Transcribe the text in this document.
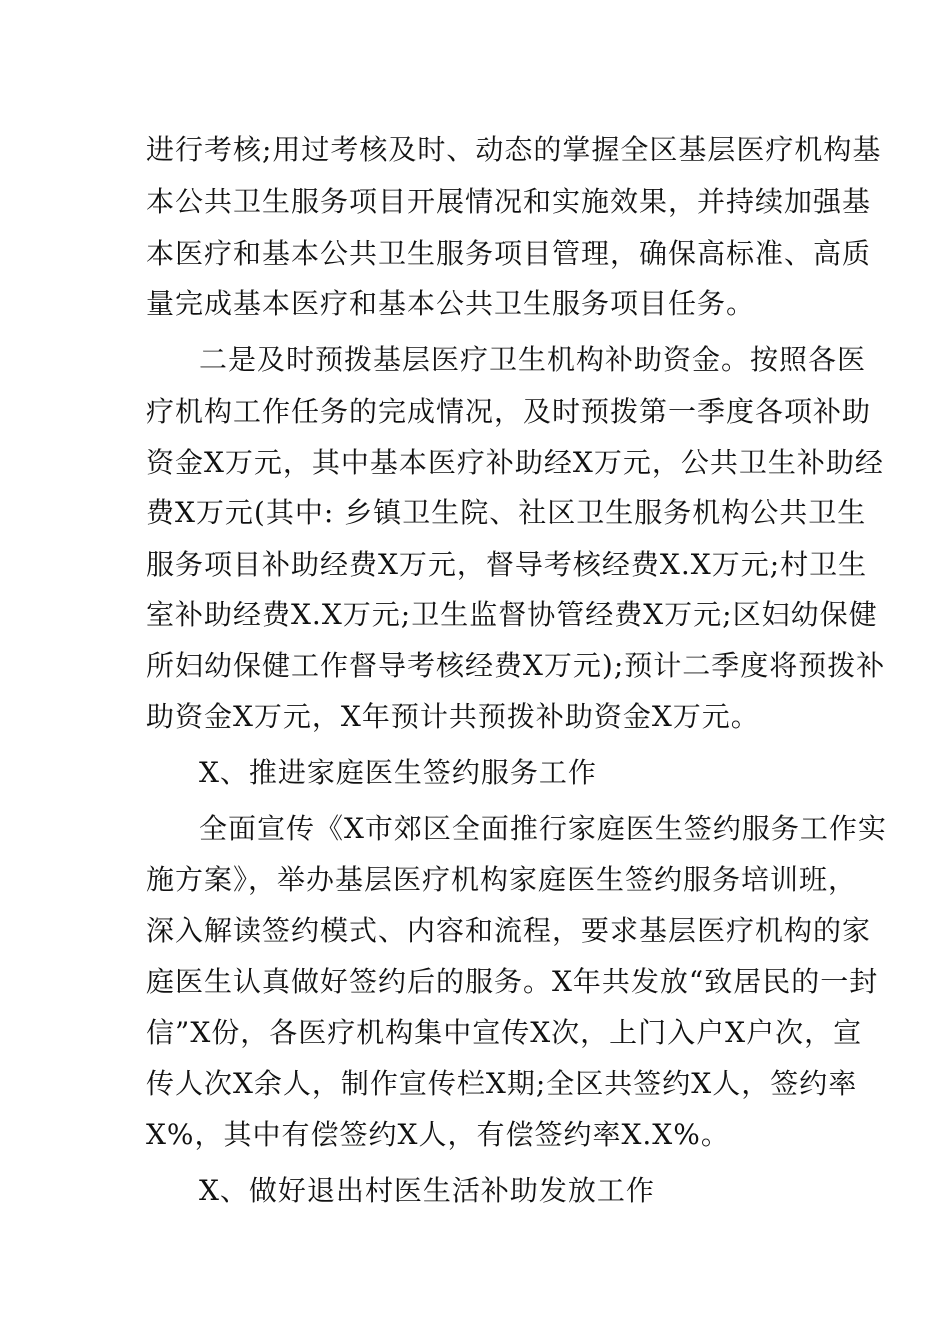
进行考核;用过考核及时、动态的掌握全区基层医疗机构基
本公共卫生服务项目开展情况和实施效果，并持续加强基
本医疗和基本公共卫生服务项目管理，确保高标准、高质
量完成基本医疗和基本公共卫生服务项目任务。
二是及时预拨基层医疗卫生机构补助资金。按照各医
疗机构工作任务的完成情况，及时预拨第一季度各项补助
资金X万元，其中基本医疗补助经X万元，公共卫生补助经
费X万元(其中: 乡镇卫生院、社区卫生服务机构公共卫生
服务项目补助经费X万元，督导考核经费X.X万元;村卫生
室补助经费X.X万元;卫生监督协管经费X万元;区妇幼保健
所妇幼保健工作督导考核经费X万元);预计二季度将预拨补
助资金X万元，X年预计共预拨补助资金X万元。
X、推进家庭医生签约服务工作
全面宣传《X市郊区全面推行家庭医生签约服务工作实
施方案》，举办基层医疗机构家庭医生签约服务培训班，
深入解读签约模式、内容和流程，要求基层医疗机构的家
庭医生认真做好签约后的服务。X年共发放“致居民的一封
信”X份，各医疗机构集中宣传X次，上门入户X户次，宣
传人次X余人，制作宣传栏X期;全区共签约X人，签约率
X%，其中有偿签约X人，有偿签约率X.X%。
X、做好退出村医生活补助发放工作
